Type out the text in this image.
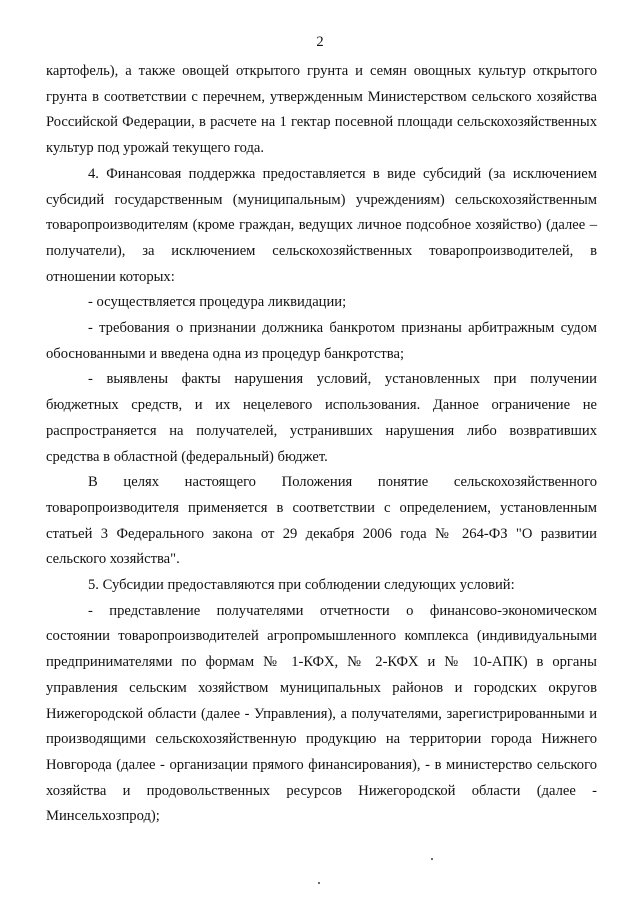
2

картофель), а также овощей открытого грунта и семян овощных культур открытого грунта в соответствии с перечнем, утвержденным Министерством сельского хозяйства Российской Федерации, в расчете на 1 гектар посевной площади сельскохозяйственных культур под урожай текущего года.

4. Финансовая поддержка предоставляется в виде субсидий (за исключением субсидий государственным (муниципальным) учреждениям) сельскохозяйственным товаропроизводителям (кроме граждан, ведущих личное подсобное хозяйство) (далее – получатели), за исключением сельскохозяйственных товаропроизводителей, в отношении которых:

- осуществляется процедура ликвидации;

- требования о признании должника банкротом признаны арбитражным судом обоснованными и введена одна из процедур банкротства;

- выявлены факты нарушения условий, установленных при получении бюджетных средств, и их нецелевого использования. Данное ограничение не распространяется на получателей, устранивших нарушения либо возвративших средства в областной (федеральный) бюджет.

В целях настоящего Положения понятие сельскохозяйственного товаропроизводителя применяется в соответствии с определением, установленным статьей 3 Федерального закона от 29 декабря 2006 года № 264-ФЗ "О развитии сельского хозяйства".

5. Субсидии предоставляются при соблюдении следующих условий:

- представление получателями отчетности о финансово-экономическом состоянии товаропроизводителей агропромышленного комплекса (индивидуальными предпринимателями по формам № 1-КФХ, № 2-КФХ и № 10-АПК) в органы управления сельским хозяйством муниципальных районов и городских округов Нижегородской области (далее - Управления), а получателями, зарегистрированными и производящими сельскохозяйственную продукцию на территории города Нижнего Новгорода (далее - организации прямого финансирования), - в министерство сельского хозяйства и продовольственных ресурсов Нижегородской области (далее - Минсельхозпрод);
